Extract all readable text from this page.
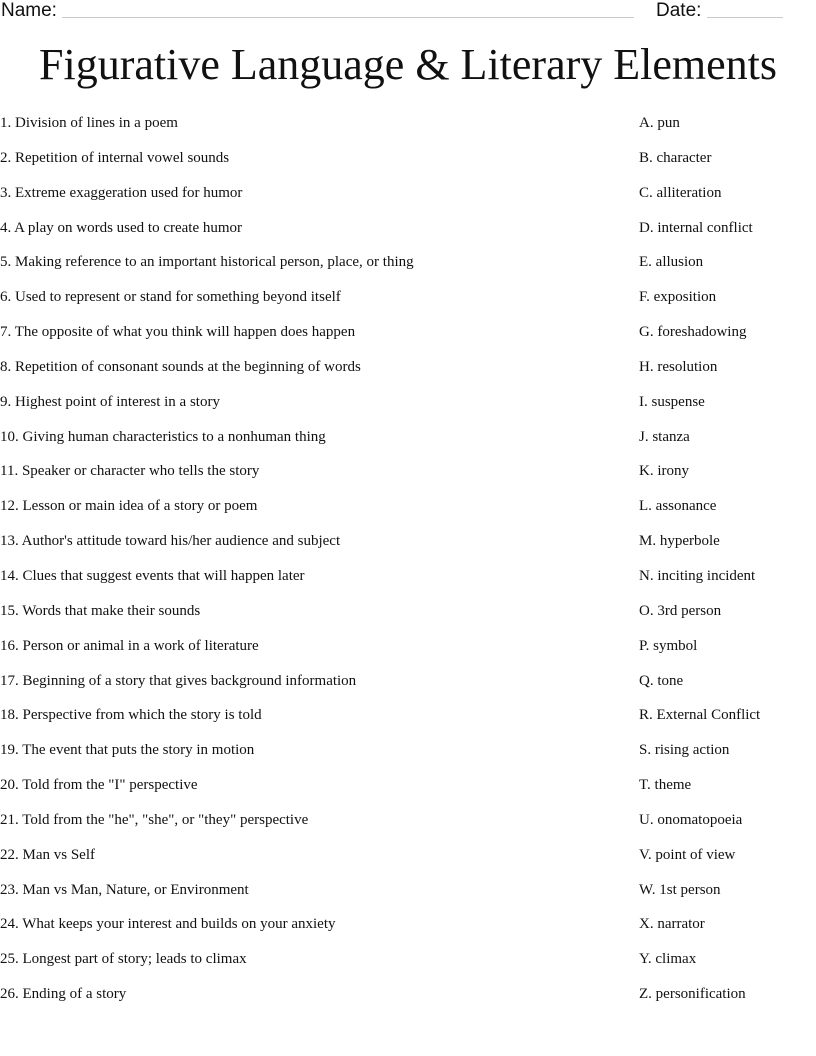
Name:	Date:
Figurative Language & Literary Elements
1. Division of lines in a poem
2. Repetition of internal vowel sounds
3. Extreme exaggeration used for humor
4. A play on words used to create humor
5. Making reference to an important historical person, place, or thing
6. Used to represent or stand for something beyond itself
7. The opposite of what you think will happen does happen
8. Repetition of consonant sounds at the beginning of words
9. Highest point of interest in a story
10. Giving human characteristics to a nonhuman thing
11. Speaker or character who tells the story
12. Lesson or main idea of a story or poem
13. Author's attitude toward his/her audience and subject
14. Clues that suggest events that will happen later
15. Words that make their sounds
16. Person or animal in a work of literature
17. Beginning of a story that gives background information
18. Perspective from which the story is told
19. The event that puts the story in motion
20. Told from the "I" perspective
21. Told from the "he", "she", or "they" perspective
22. Man vs Self
23. Man vs Man, Nature, or Environment
24. What keeps your interest and builds on your anxiety
25. Longest part of story; leads to climax
26. Ending of a story
A. pun
B. character
C. alliteration
D. internal conflict
E. allusion
F. exposition
G. foreshadowing
H. resolution
I. suspense
J. stanza
K. irony
L. assonance
M. hyperbole
N. inciting incident
O. 3rd person
P. symbol
Q. tone
R. External Conflict
S. rising action
T. theme
U. onomatopoeia
V. point of view
W. 1st person
X. narrator
Y. climax
Z. personification
